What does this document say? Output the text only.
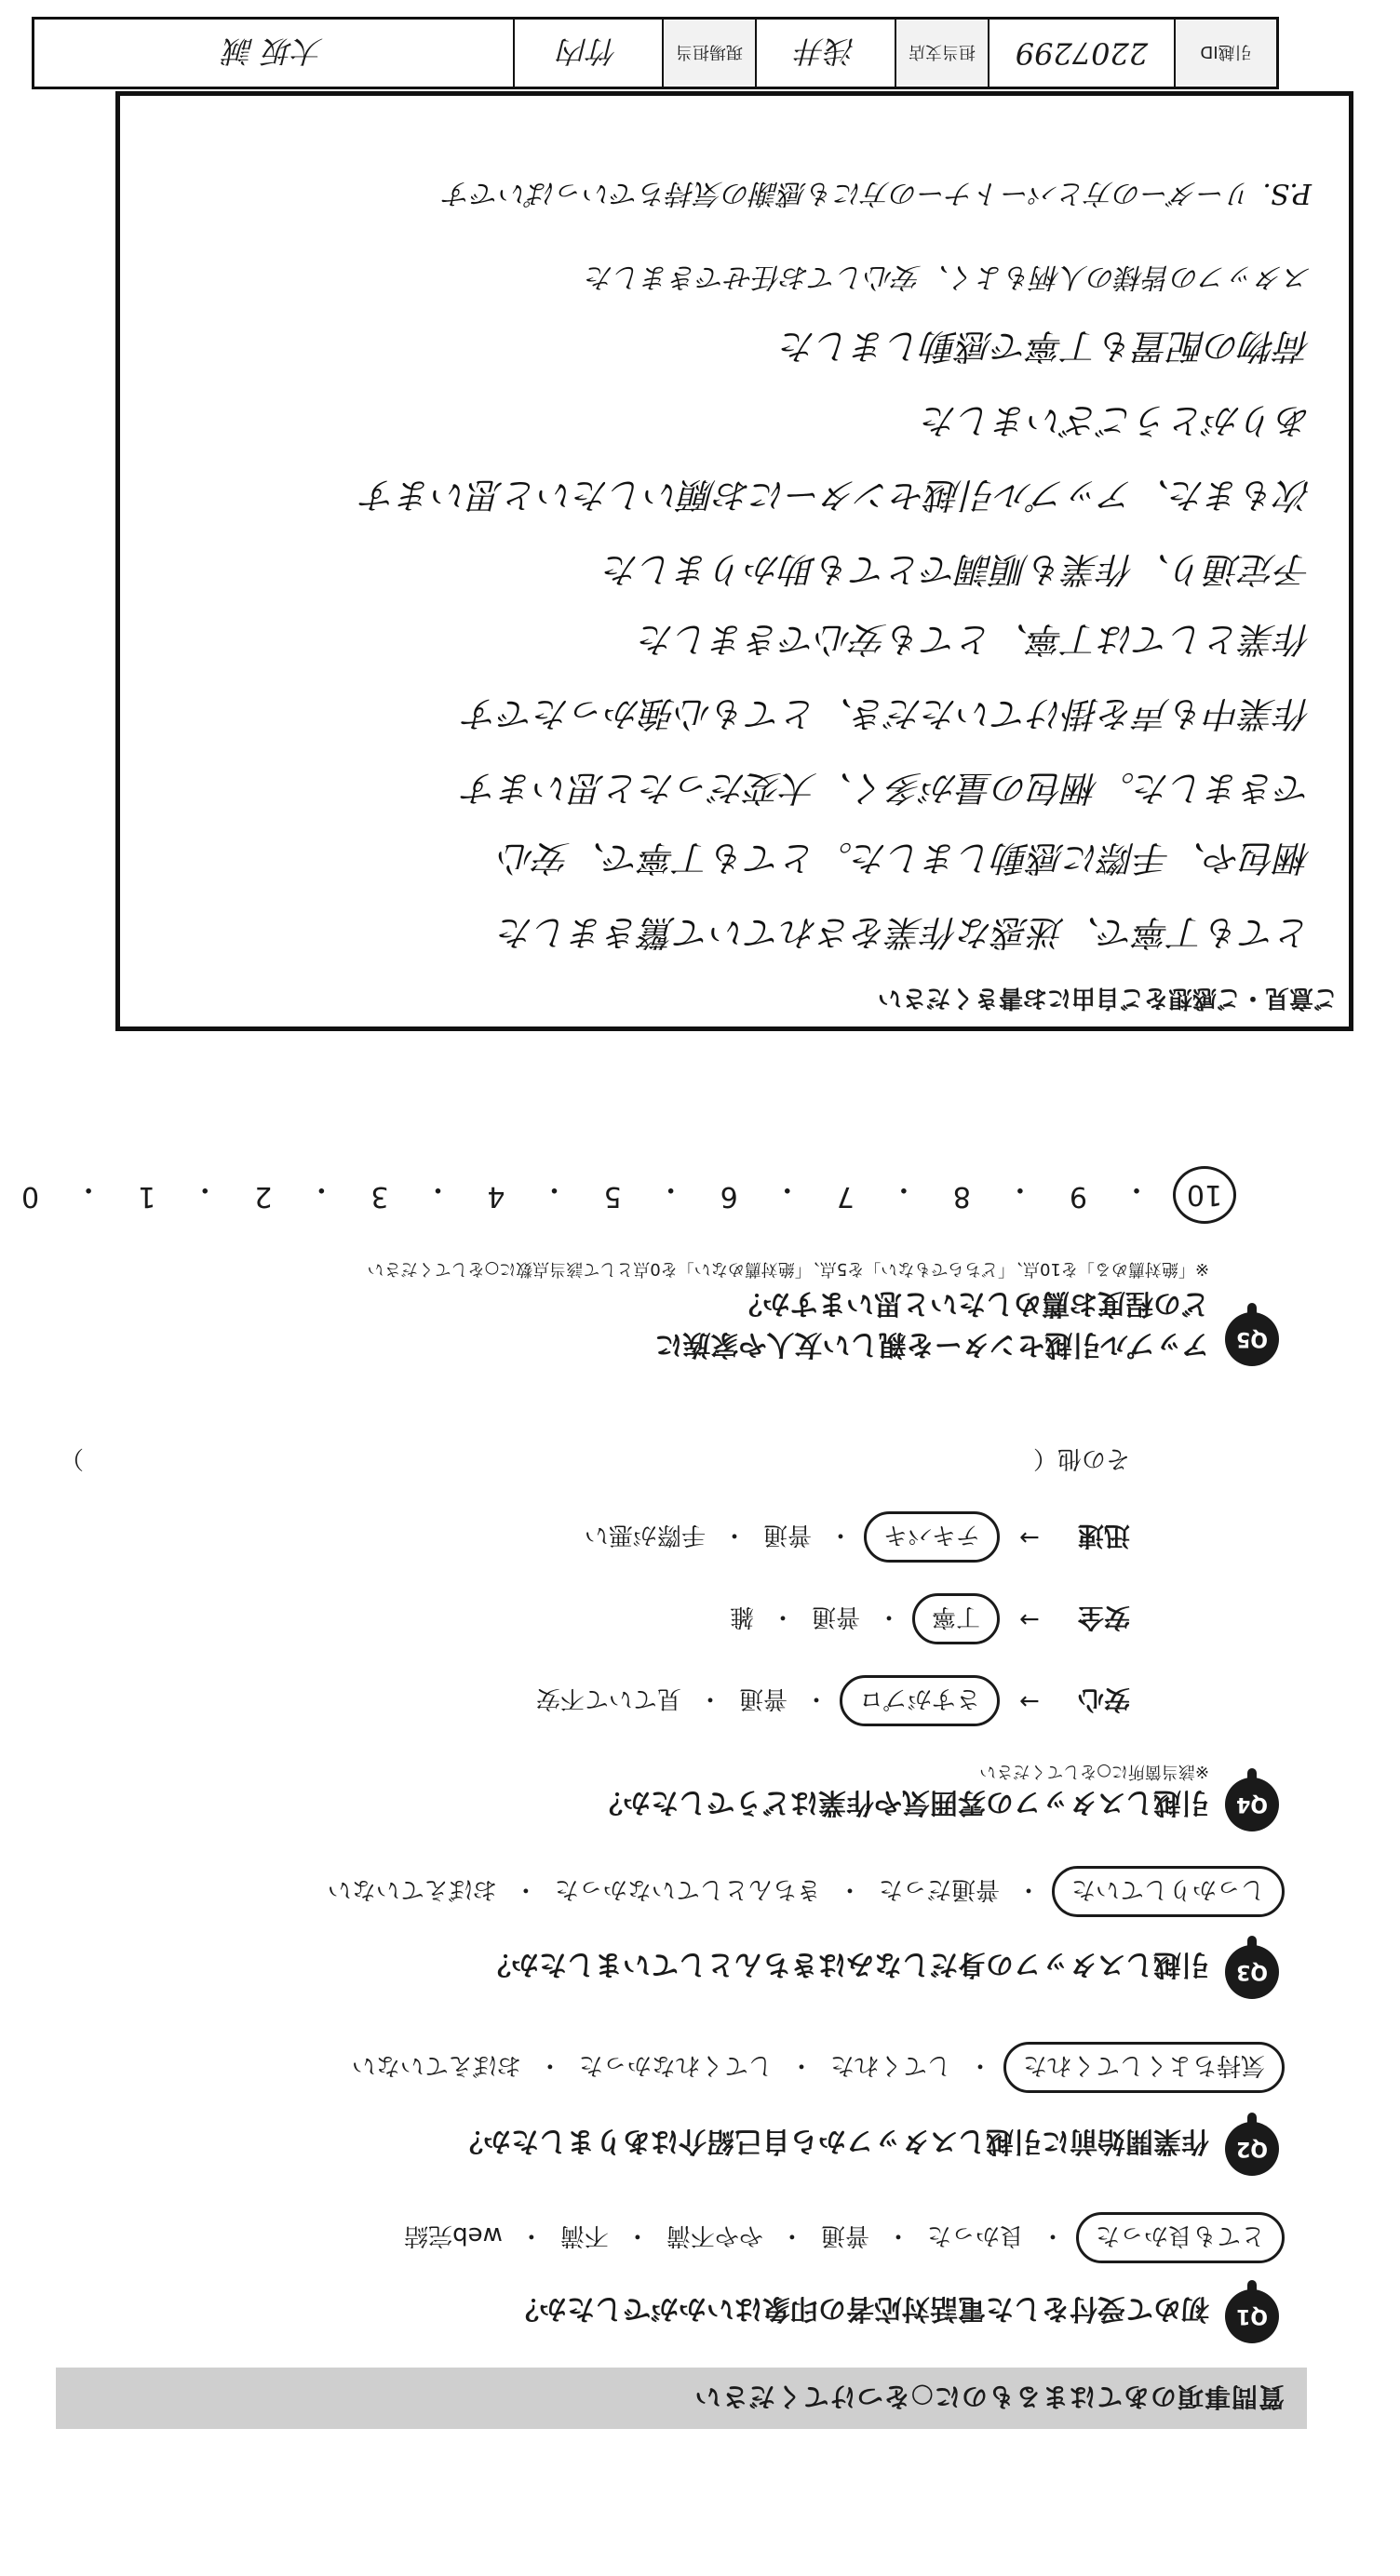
質問事項のあてはまるものに○をつけてください
Q1
初めて受付をした電話対応者の印象はいかがでしたか？
とても良かった
・
良かった
・
普通
・
やや不満
・
不満
・
web完結
Q2
作業開始前に引越しスタッフから自己紹介はありましたか？
気持ちよくしてくれた
・
してくれた
・
してくれなかった
・
おぼえていない
Q3
引越しスタッフの身だしなみはきちんとしていましたか？
しっかりしていた
・
普通だった
・
きちんとしていなかった
・
おぼえていない
Q4
引越しスタッフの雰囲気や作業はどうでしたか？
※該当箇所に○をしてください
安心
→
さすがプロ
・
普通
・
見ていて不安
安全
→
丁寧
・
普通
・
雑
迅速
→
テキパキ
・
普通
・
手際が悪い
その他（
）
Q5
アップル引越センターを親しい友人や家族に
どの程度お薦めしたいと思いますか？
※「絶対薦める」を10点、「どちらでもない」を5点、「絶対薦めない」を0点として該当点数に○をしてください
10
・
9
・
8
・
7
・
6
・
5
・
4
・
3
・
2
・
1
・
0
ご意見・ご感想をご自由にお書きください
とても丁寧で、迷惑な作業をされていて驚きました
梱包や、手際に感動しました。とても丁寧で、安心
できました。梱包の量が多く、大変だったと思います
作業中も声を掛けていただき、とても心強かったです
作業としては丁寧、とても安心できました
予定通り、作業も順調でとても助かりました
次もまた、アップル引越センターにお願いしたいと思います
ありがとうございました
荷物の配置も丁寧で感動しました
スタッフの皆様の人柄もよく、安心してお任せできました
P.S. リーダーの方とパートナーの方にも感謝の気持ちでいっぱいです
引越ID
2207299
担当支店
浅井
現場担当
竹内
大坂 誠
